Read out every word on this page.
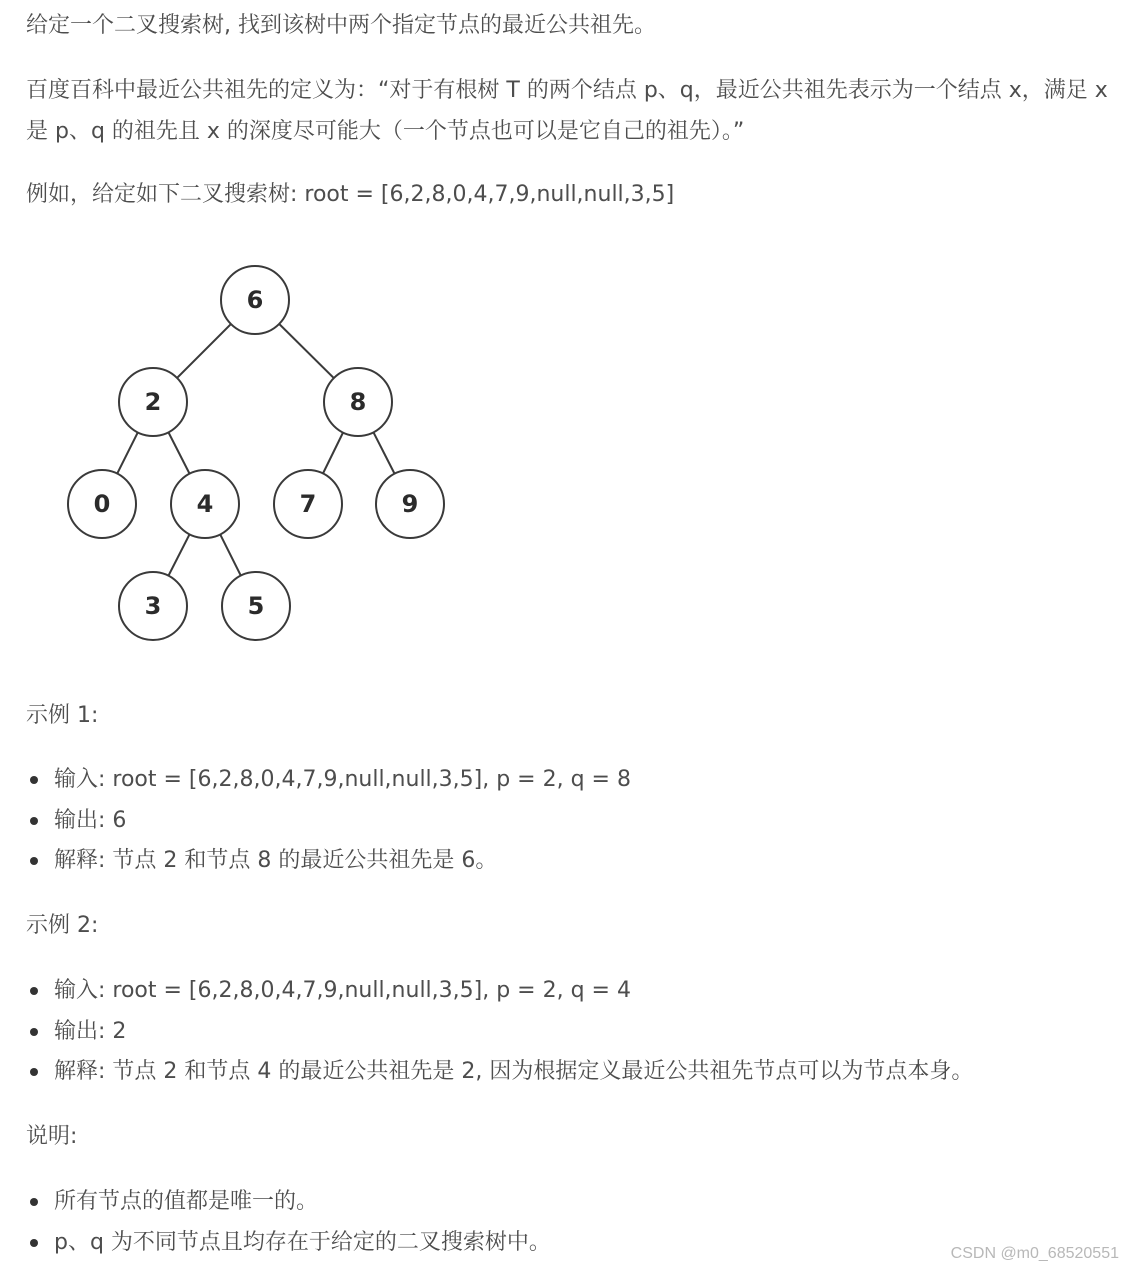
给定一个二叉搜索树, 找到该树中两个指定节点的最近公共祖先。

百度百科中最近公共祖先的定义为：“对于有根树 T 的两个结点 p、q，最近公共祖先表示为一个结点 x，满足 x 是 p、q 的祖先且 x 的深度尽可能大（一个节点也可以是它自己的祖先）。”

例如，给定如下二叉搜索树: root = [6,2,8,0,4,7,9,null,null,3,5]

6
2	8
0	4	7	9
3	5

示例 1:

输入: root = [6,2,8,0,4,7,9,null,null,3,5], p = 2, q = 8
输出: 6
解释: 节点 2 和节点 8 的最近公共祖先是 6。

示例 2:

输入: root = [6,2,8,0,4,7,9,null,null,3,5], p = 2, q = 4
输出: 2
解释: 节点 2 和节点 4 的最近公共祖先是 2, 因为根据定义最近公共祖先节点可以为节点本身。

说明:

所有节点的值都是唯一的。
p、q 为不同节点且均存在于给定的二叉搜索树中。	CSDN @m0_68520551
